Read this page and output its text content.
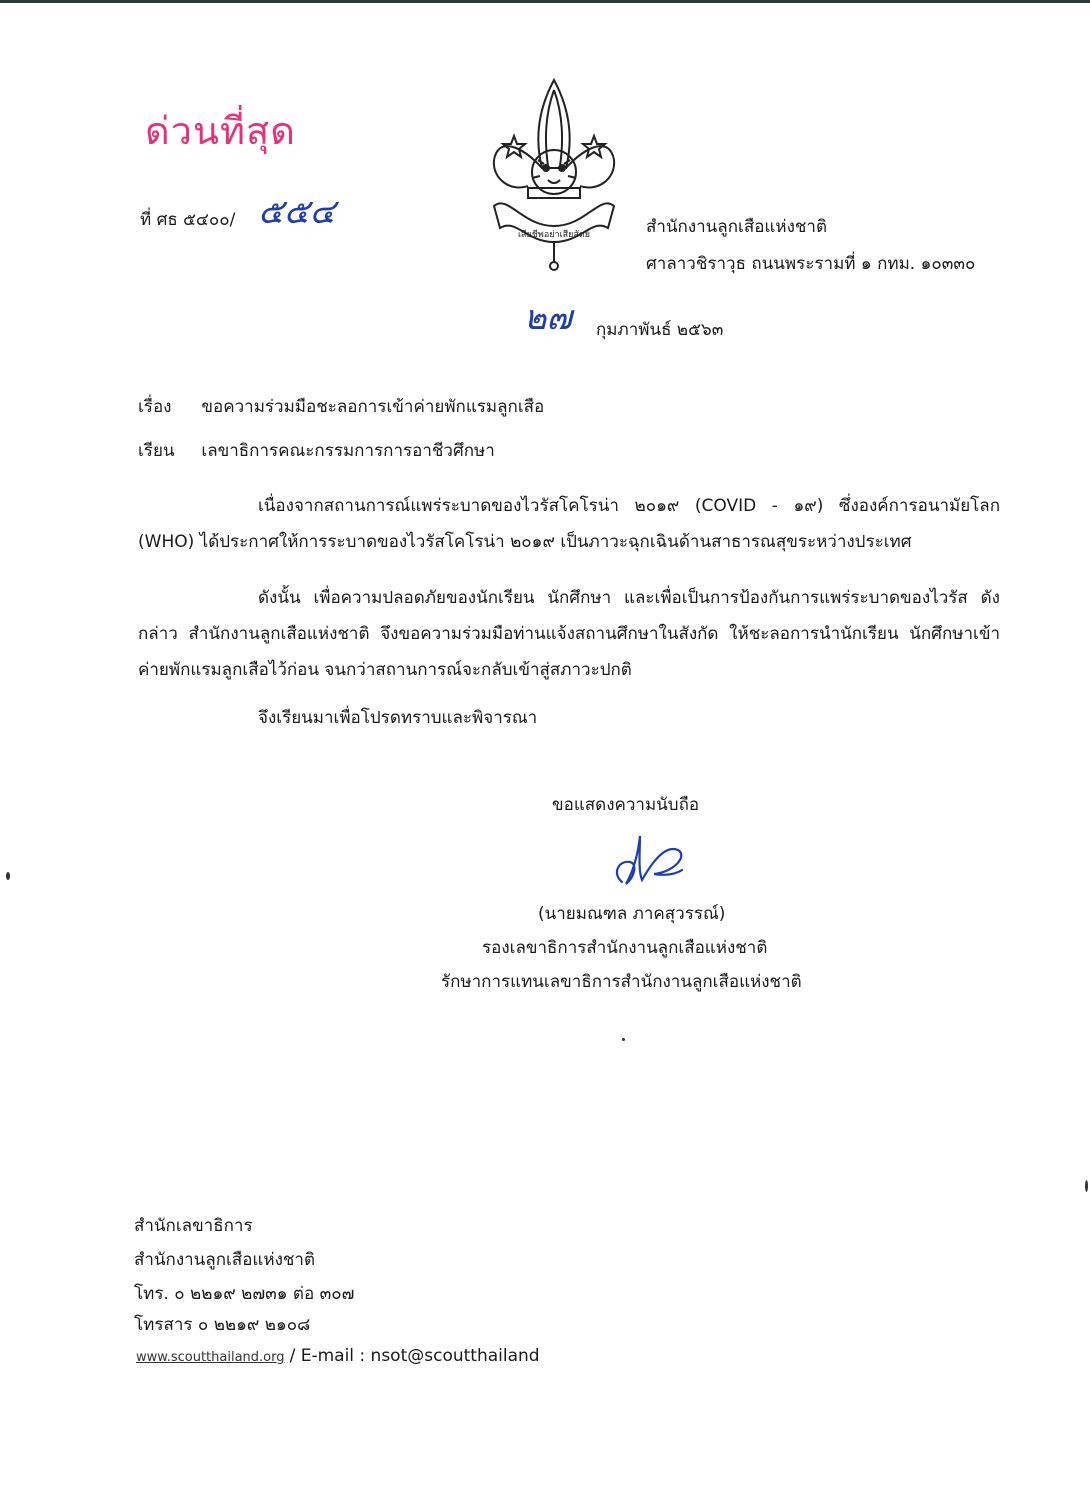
ด่วนที่สุด
ที่ ศธ ๕๔๐๐/ ๕๕๔
เสียชีพอย่าเสียสัตย์	สำนักงานลูกเสือแห่งชาติ
ศาลาวชิราวุธ ถนนพระรามที่ ๑ กทม. ๑๐๓๓๐
๒๗ กุมภาพันธ์ ๒๕๖๓
เรื่อง ขอความร่วมมือชะลอการเข้าค่ายพักแรมลูกเสือ
เรียน เลขาธิการคณะกรรมการการอาชีวศึกษา
เนื่องจากสถานการณ์แพร่ระบาดของไวรัสโคโรน่า ๒๐๑๙ (COVID - ๑๙) ซึ่งองค์การอนามัยโลก (WHO) ได้ประกาศให้การระบาดของไวรัสโคโรน่า ๒๐๑๙ เป็นภาวะฉุกเฉินด้านสาธารณสุขระหว่างประเทศ
ดังนั้น เพื่อความปลอดภัยของนักเรียน นักศึกษา และเพื่อเป็นการป้องกันการแพร่ระบาดของไวรัส ดังกล่าว สำนักงานลูกเสือแห่งชาติ จึงขอความร่วมมือท่านแจ้งสถานศึกษาในสังกัด ให้ชะลอการนำนักเรียน นักศึกษาเข้าค่ายพักแรมลูกเสือไว้ก่อน จนกว่าสถานการณ์จะกลับเข้าสู่สภาวะปกติ
จึงเรียนมาเพื่อโปรดทราบและพิจารณา
ขอแสดงความนับถือ
(นายมณฑล ภาคสุวรรณ์)
รองเลขาธิการสำนักงานลูกเสือแห่งชาติ
รักษาการแทนเลขาธิการสำนักงานลูกเสือแห่งชาติ
สำนักเลขาธิการ
สำนักงานลูกเสือแห่งชาติ
โทร. ๐ ๒๒๑๙ ๒๗๓๑ ต่อ ๓๐๗
โทรสาร ๐ ๒๒๑๙ ๒๑๐๘
www.scoutthailand.org / E-mail : nsot@scoutthailand
